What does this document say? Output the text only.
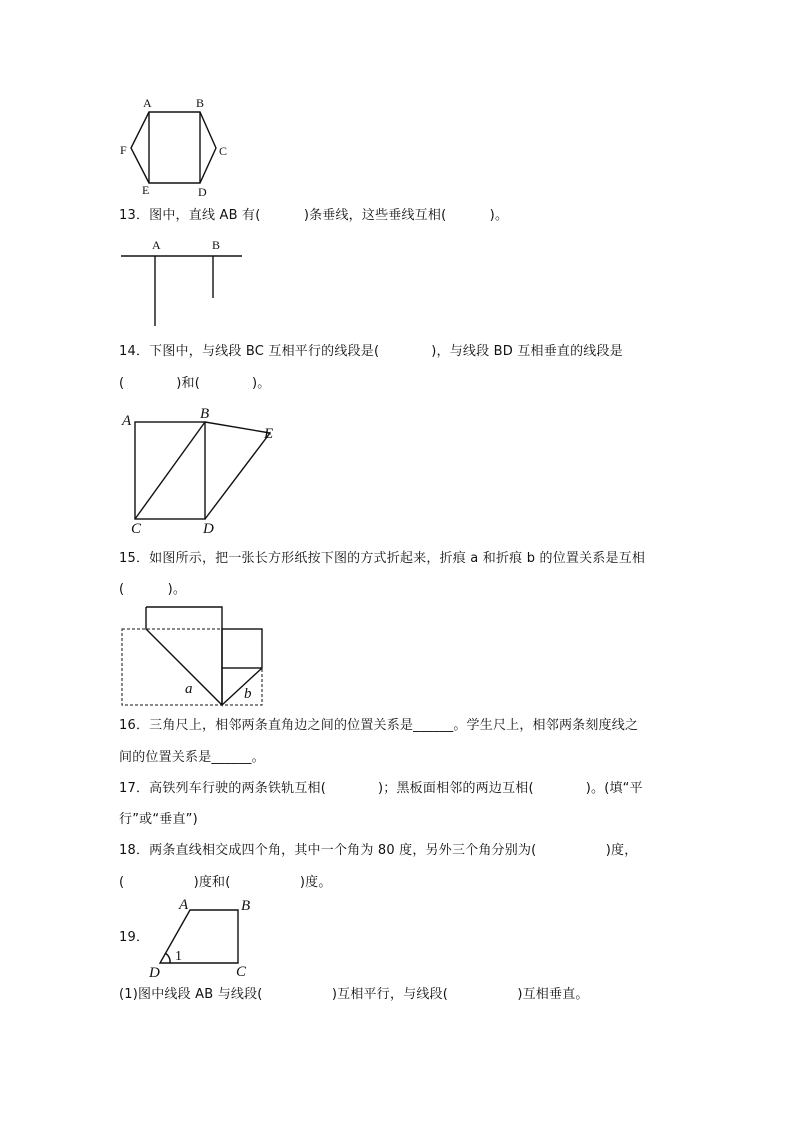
A	B
C
D
E
F
A	B
A	B
C	D
E
a	b
A	B
C
D
1
13．图中，直线 AB 有(          )条垂线，这些垂线互相(          )。
14．下图中，与线段 BC 互相平行的线段是(            )，与线段 BD 互相垂直的线段是
(            )和(            )。
15．如图所示，把一张长方形纸按下图的方式折起来，折痕 a 和折痕 b 的位置关系是互相
(          )。
16．三角尺上，相邻两条直角边之间的位置关系是______。学生尺上，相邻两条刻度线之
间的位置关系是______。
17．高铁列车行驶的两条铁轨互相(            )；黑板面相邻的两边互相(            )。(填“平
行”或“垂直”)
18．两条直线相交成四个角，其中一个角为 80 度，另外三个角分别为(                )度，
(                )度和(                )度。
19．
(1)图中线段 AB 与线段(                )互相平行，与线段(                )互相垂直。
